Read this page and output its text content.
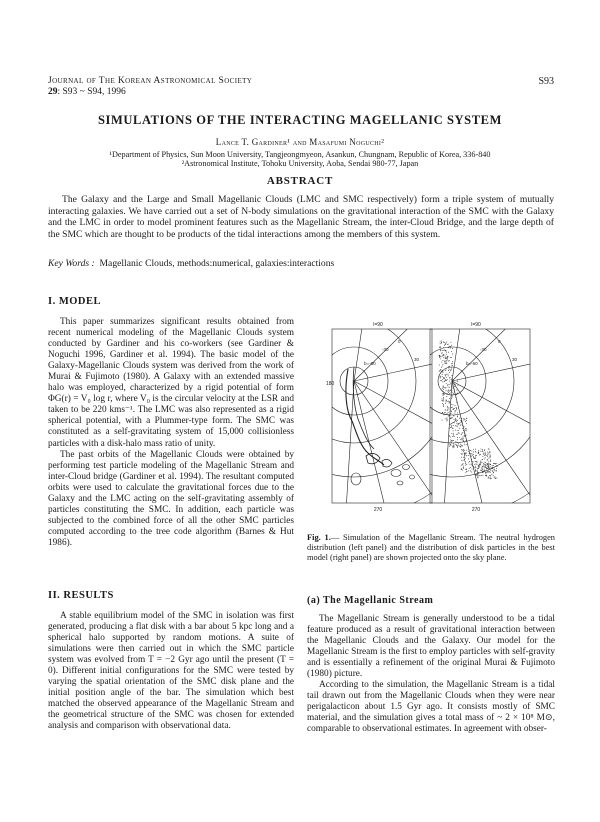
Journal of The Korean Astronomical Society
29: S93 ~ S94, 1996
S93
SIMULATIONS OF THE INTERACTING MAGELLANIC SYSTEM
Lance T. Gardiner¹ and Masafumi Noguchi²
¹Department of Physics, Sun Moon University, Tangjeongmyeon, Asankun, Chungnam, Republic of Korea, 336-840
²Astronomical Institute, Tohoku University, Aoba, Sendai 980-77, Japan
ABSTRACT
The Galaxy and the Large and Small Magellanic Clouds (LMC and SMC respectively) form a triple system of mutually interacting galaxies. We have carried out a set of N-body simulations on the gravitational interaction of the SMC with the Galaxy and the LMC in order to model prominent features such as the Magellanic Stream, the inter-Cloud Bridge, and the large depth of the SMC which are thought to be products of the tidal interactions among the members of this system.
Key Words : Magellanic Clouds, methods:numerical, galaxies:interactions
I. MODEL

This paper summarizes significant results obtained from recent numerical modeling of the Magellanic Clouds system conducted by Gardiner and his co-workers (see Gardiner & Noguchi 1996, Gardiner et al. 1994). The basic model of the Galaxy-Magellanic Clouds system was derived from the work of Murai & Fujimoto (1980). A Galaxy with an extended massive halo was employed, characterized by a rigid potential of form ΦG(r) = V₀ log r, where V₀ is the circular velocity at the LSR and taken to be 220 kms⁻¹. The LMC was also represented as a rigid spherical potential, with a Plummer-type form. The SMC was constituted as a self-gravitating system of 15,000 collisionless particles with a disk-halo mass ratio of unity.

The past orbits of the Magellanic Clouds were obtained by performing test particle modeling of the Magellanic Stream and inter-Cloud bridge (Gardiner et al. 1994). The resultant computed orbits were used to calculate the gravitational forces due to the Galaxy and the LMC acting on the self-gravitating assembly of particles constituting the SMC. In addition, each particle was subjected to the combined force of all the other SMC particles computed according to the tree code algorithm (Barnes & Hut 1986).

II. RESULTS

A stable equilibrium model of the SMC in isolation was first generated, producing a flat disk with a bar about 5 kpc long and a spherical halo supported by random motions. A suite of simulations were then carried out in which the SMC particle system was evolved from T = −2 Gyr ago until the present (T = 0). Different initial configurations for the SMC were tested by varying the spatial orientation of the SMC disk plane and the initial position angle of the bar. The simulation which best matched the observed appearance of the Magellanic Stream and the geometrical structure of the SMC was chosen for extended analysis and comparison with observational data.

l=90
270
180
0
-30
b=-60
30
l=90
270
0
-30
b=-60
30
Fig. 1.— Simulation of the Magellanic Stream. The neutral hydrogen distribution (left panel) and the distribution of disk particles in the best model (right panel) are shown projected onto the sky plane.
(a) The Magellanic Stream

The Magellanic Stream is generally understood to be a tidal feature produced as a result of gravitational interaction between the Magellanic Clouds and the Galaxy. Our model for the Magellanic Stream is the first to employ particles with self-gravity and is essentially a refinement of the original Murai & Fujimoto (1980) picture.

According to the simulation, the Magellanic Stream is a tidal tail drawn out from the Magellanic Clouds when they were near perigalacticon about 1.5 Gyr ago. It consists mostly of SMC material, and the simulation gives a total mass of ~ 2 × 10⁸ M⊙, comparable to observational estimates. In agreement with obser-
